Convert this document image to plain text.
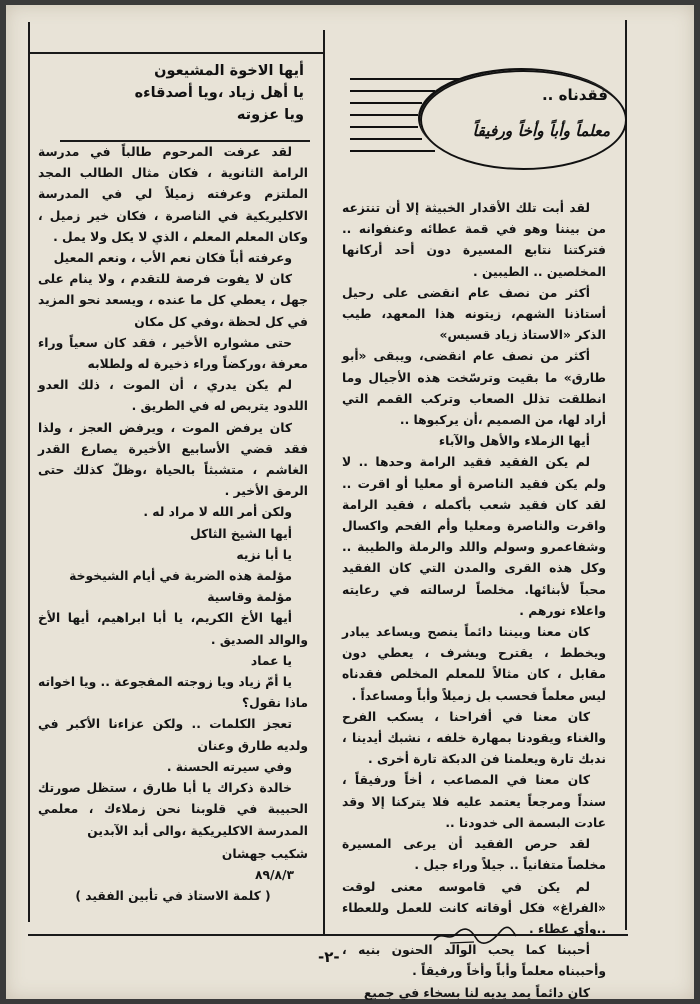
أيها الاخوة المشيعون
يا أهل زياد ،ويا أصدقاءه
ويا عزوته
فقدناه ..
معلماً وأباً وأخاً ورفيقاً

لقد عرفت المرحوم طالباً في مدرسة الرامة الثانوية ، فكان مثال الطالب المجد الملتزم وعرفته زميلاً لي في المدرسة الاكليريكية في الناصرة ، فكان خير زميل ، وكان المعلم المعلم ، الذي لا يكل ولا يمل .

وعرفته أباً فكان نعم الأب ، ونعم المعيل

كان لا يفوت فرصة للتقدم ، ولا ينام على جهل ، يعطي كل ما عنده ، ويسعد نحو المزيد في كل لحظة ،وفي كل مكان

حتى مشواره الأخير ، فقد كان سعياً وراء معرفة ،وركضاً وراء ذخيرة له ولطلابه

لم يكن يدري ، أن الموت ، ذلك العدو اللدود يتربص له في الطريق .

كان يرفض الموت ، ويرفض العجز ، ولذا فقد قضي الأسابيع الأخيرة يصارع القدر الغاشم ، متشبثاً بالحياة ،وظلّ كذلك حتى الرمق الأخير .

ولكن أمر الله لا مراد له .

أيها الشيخ الثاكل

يا أبا نزيه

مؤلمة هذه الضربة في أيام الشيخوخة

مؤلمة وقاسية

أيها الأخ الكريم، يا أبا ابراهيم، أيها الأخ والوالد الصديق .

يا عماد

يا أمّ زياد ويا زوجته المفجوعة .. ويا اخواته ماذا نقول؟

تعجز الكلمات .. ولكن عزاءنا الأكبر في ولديه طارق وعنان

وفي سيرته الحسنة .

خالدة ذكراك يا أبا طارق ، ستظل صورتك الحبيبة في قلوبنا نحن زملاءك ، معلمي المدرسة الاكليريكية ،والى أبد الآبدين

شكيب جهشان

٨٩/٨/٣

( كلمة الاستاذ في تأبين الفقيد )

لقد أبت تلك الأقدار الخبيثة إلا أن تنتزعه من بيننا وهو في قمة عطائه وعنفوانه .. فتركتنا نتابع المسيرة دون أحد أركانها المخلصين .. الطيبين .

أكثر من نصف عام انقضى على رحيل أستاذنا الشهم، زيتونه هذا المعهد، طيب الذكر «الاستاذ زياد قسيس»

أكثر من نصف عام انقضى، ويبقى «أبو طارق» ما بقيت وترسّخت هذه الأجيال وما انطلقت تذلل الصعاب وتركب القمم التي أراد لها، من الصميم ،أن يركبوها ..

أيها الزملاء والأهل والآباء

لم يكن الفقيد فقيد الرامة وحدها .. لا ولم يكن فقيد الناصرة أو معليا أو اقرت .. لقد كان فقيد شعب بأكمله ، فقيد الرامة واقرت والناصرة ومعليا وأم الفحم واكسال وشفاعمرو وسولم واللد والرملة والطيبة .. وكل هذه القرى والمدن التي كان الفقيد محباً لأبنائها. مخلصاً لرسالته في رعايته واعلاء نورهم .

كان معنا وبيننا دائماً ينصح ويساعد يبادر ويخطط ، يقترح ويشرف ، يعطي دون مقابل ، كان مثالاً للمعلم المخلص فقدناه ليس معلماً فحسب بل زميلاً وأباً ومساعداً .

كان معنا في أفراحنا ، يسكب الفرح والغناء ويقودنا بمهارة خلفه ، نشبك أيدينا ، ندبك تارة ويعلمنا فن الدبكة تارة أخرى .

كان معنا في المصاعب ، أخاً ورفيقاً ، سنداً ومرجعاً يعتمد عليه فلا يتركنا إلا وقد عادت البسمة الى خدودنا ..

لقد حرص الفقيد أن يرعى المسيرة مخلصاً متفانياً .. جيلاً وراء جيل .

لم يكن في قاموسه معنى لوقت «الفراغ» فكل أوقاته كانت للعمل وللعطاء ..وأي عطاء .

أحببنا كما يحب الوالد الحنون بنيه ، وأحببناه معلماً وأباً وأخاً ورفيقاً .

كان دائماً يمد يديه لنا بسخاء في جميع

-٢-
